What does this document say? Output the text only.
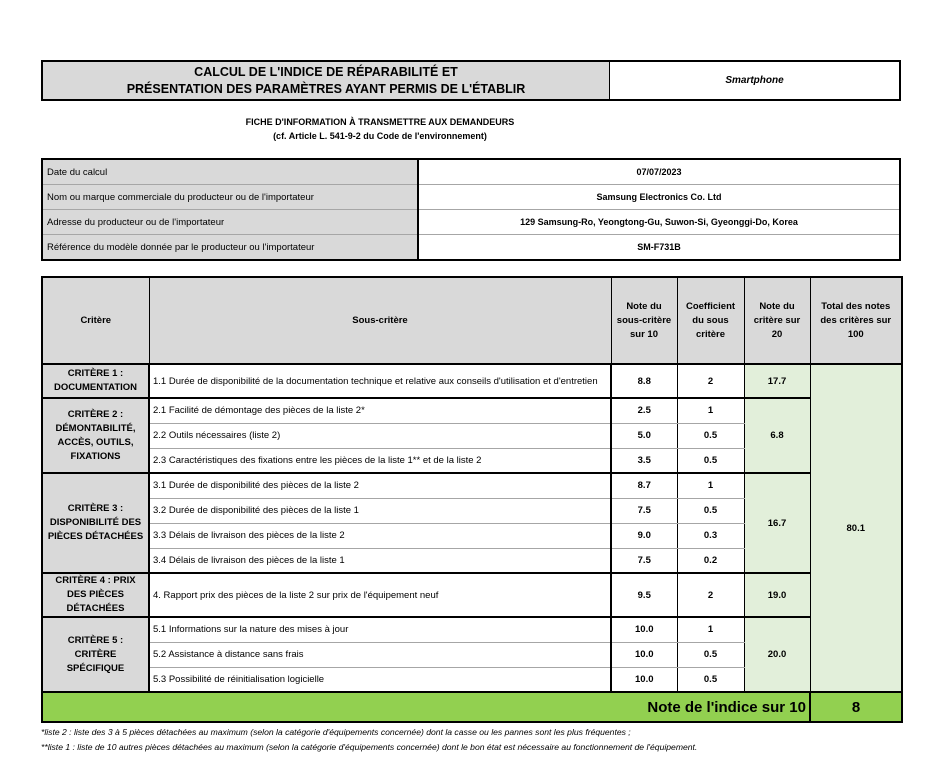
CALCUL DE L'INDICE DE RÉPARABILITÉ ET
PRÉSENTATION DES PARAMÈTRES AYANT PERMIS DE L'ÉTABLIR
Smartphone
FICHE D'INFORMATION À TRANSMETTRE AUX DEMANDEURS
(cf. Article L. 541-9-2 du Code de l'environnement)
Date du calcul	07/07/2023
Nom ou marque commerciale du producteur ou de l'importateur	Samsung Electronics Co. Ltd
Adresse du producteur ou de l'importateur	129 Samsung-Ro, Yeongtong-Gu, Suwon-Si, Gyeonggi-Do, Korea
Référence du modèle donnée par le producteur ou l'importateur	SM-F731B
Critère	Sous-critère	Note du sous-critère sur 10	Coefficient du sous critère	Note du critère sur 20	Total des notes des critères sur 100
CRITÈRE 1 : DOCUMENTATION	1.1 Durée de disponibilité de la documentation technique et relative aux conseils d'utilisation et d'entretien	8.8	2	17.7	80.1
CRITÈRE 2 : DÉMONTABILITÉ, ACCÈS, OUTILS, FIXATIONS	2.1 Facilité de démontage des pièces de la liste 2*	2.5	1	6.8	
	2.2 Outils nécessaires (liste 2)	5.0	0.5		
	2.3 Caractéristiques des fixations entre les pièces de la liste 1** et de la liste 2	3.5	0.5		
CRITÈRE 3 : DISPONIBILITÉ DES PIÈCES DÉTACHÉES	3.1 Durée de disponibilité des pièces de la liste 2	8.7	1	16.7	
	3.2 Durée de disponibilité des pièces de la liste 1	7.5	0.5		
	3.3 Délais de livraison des pièces de la liste 2	9.0	0.3		
	3.4 Délais de livraison des pièces de la liste 1	7.5	0.2		
CRITÈRE 4 : PRIX DES PIÈCES DÉTACHÉES	4. Rapport prix des pièces de la liste 2 sur prix de l'équipement neuf	9.5	2	19.0	
CRITÈRE 5 : CRITÈRE SPÉCIFIQUE	5.1 Informations sur la nature des mises à jour	10.0	1	20.0	
	5.2 Assistance à distance sans frais	10.0	0.5		
	5.3 Possibilité de réinitialisation logicielle	10.0	0.5		
Note de l'indice sur 10					8
*liste 2 : liste des 3 à 5 pièces détachées au maximum (selon la catégorie d'équipements concernée) dont la casse ou les pannes sont les plus fréquentes ;
**liste 1 : liste de 10 autres pièces détachées au maximum (selon la catégorie d'équipements concernée) dont le bon état est nécessaire au fonctionnement de l'équipement.
